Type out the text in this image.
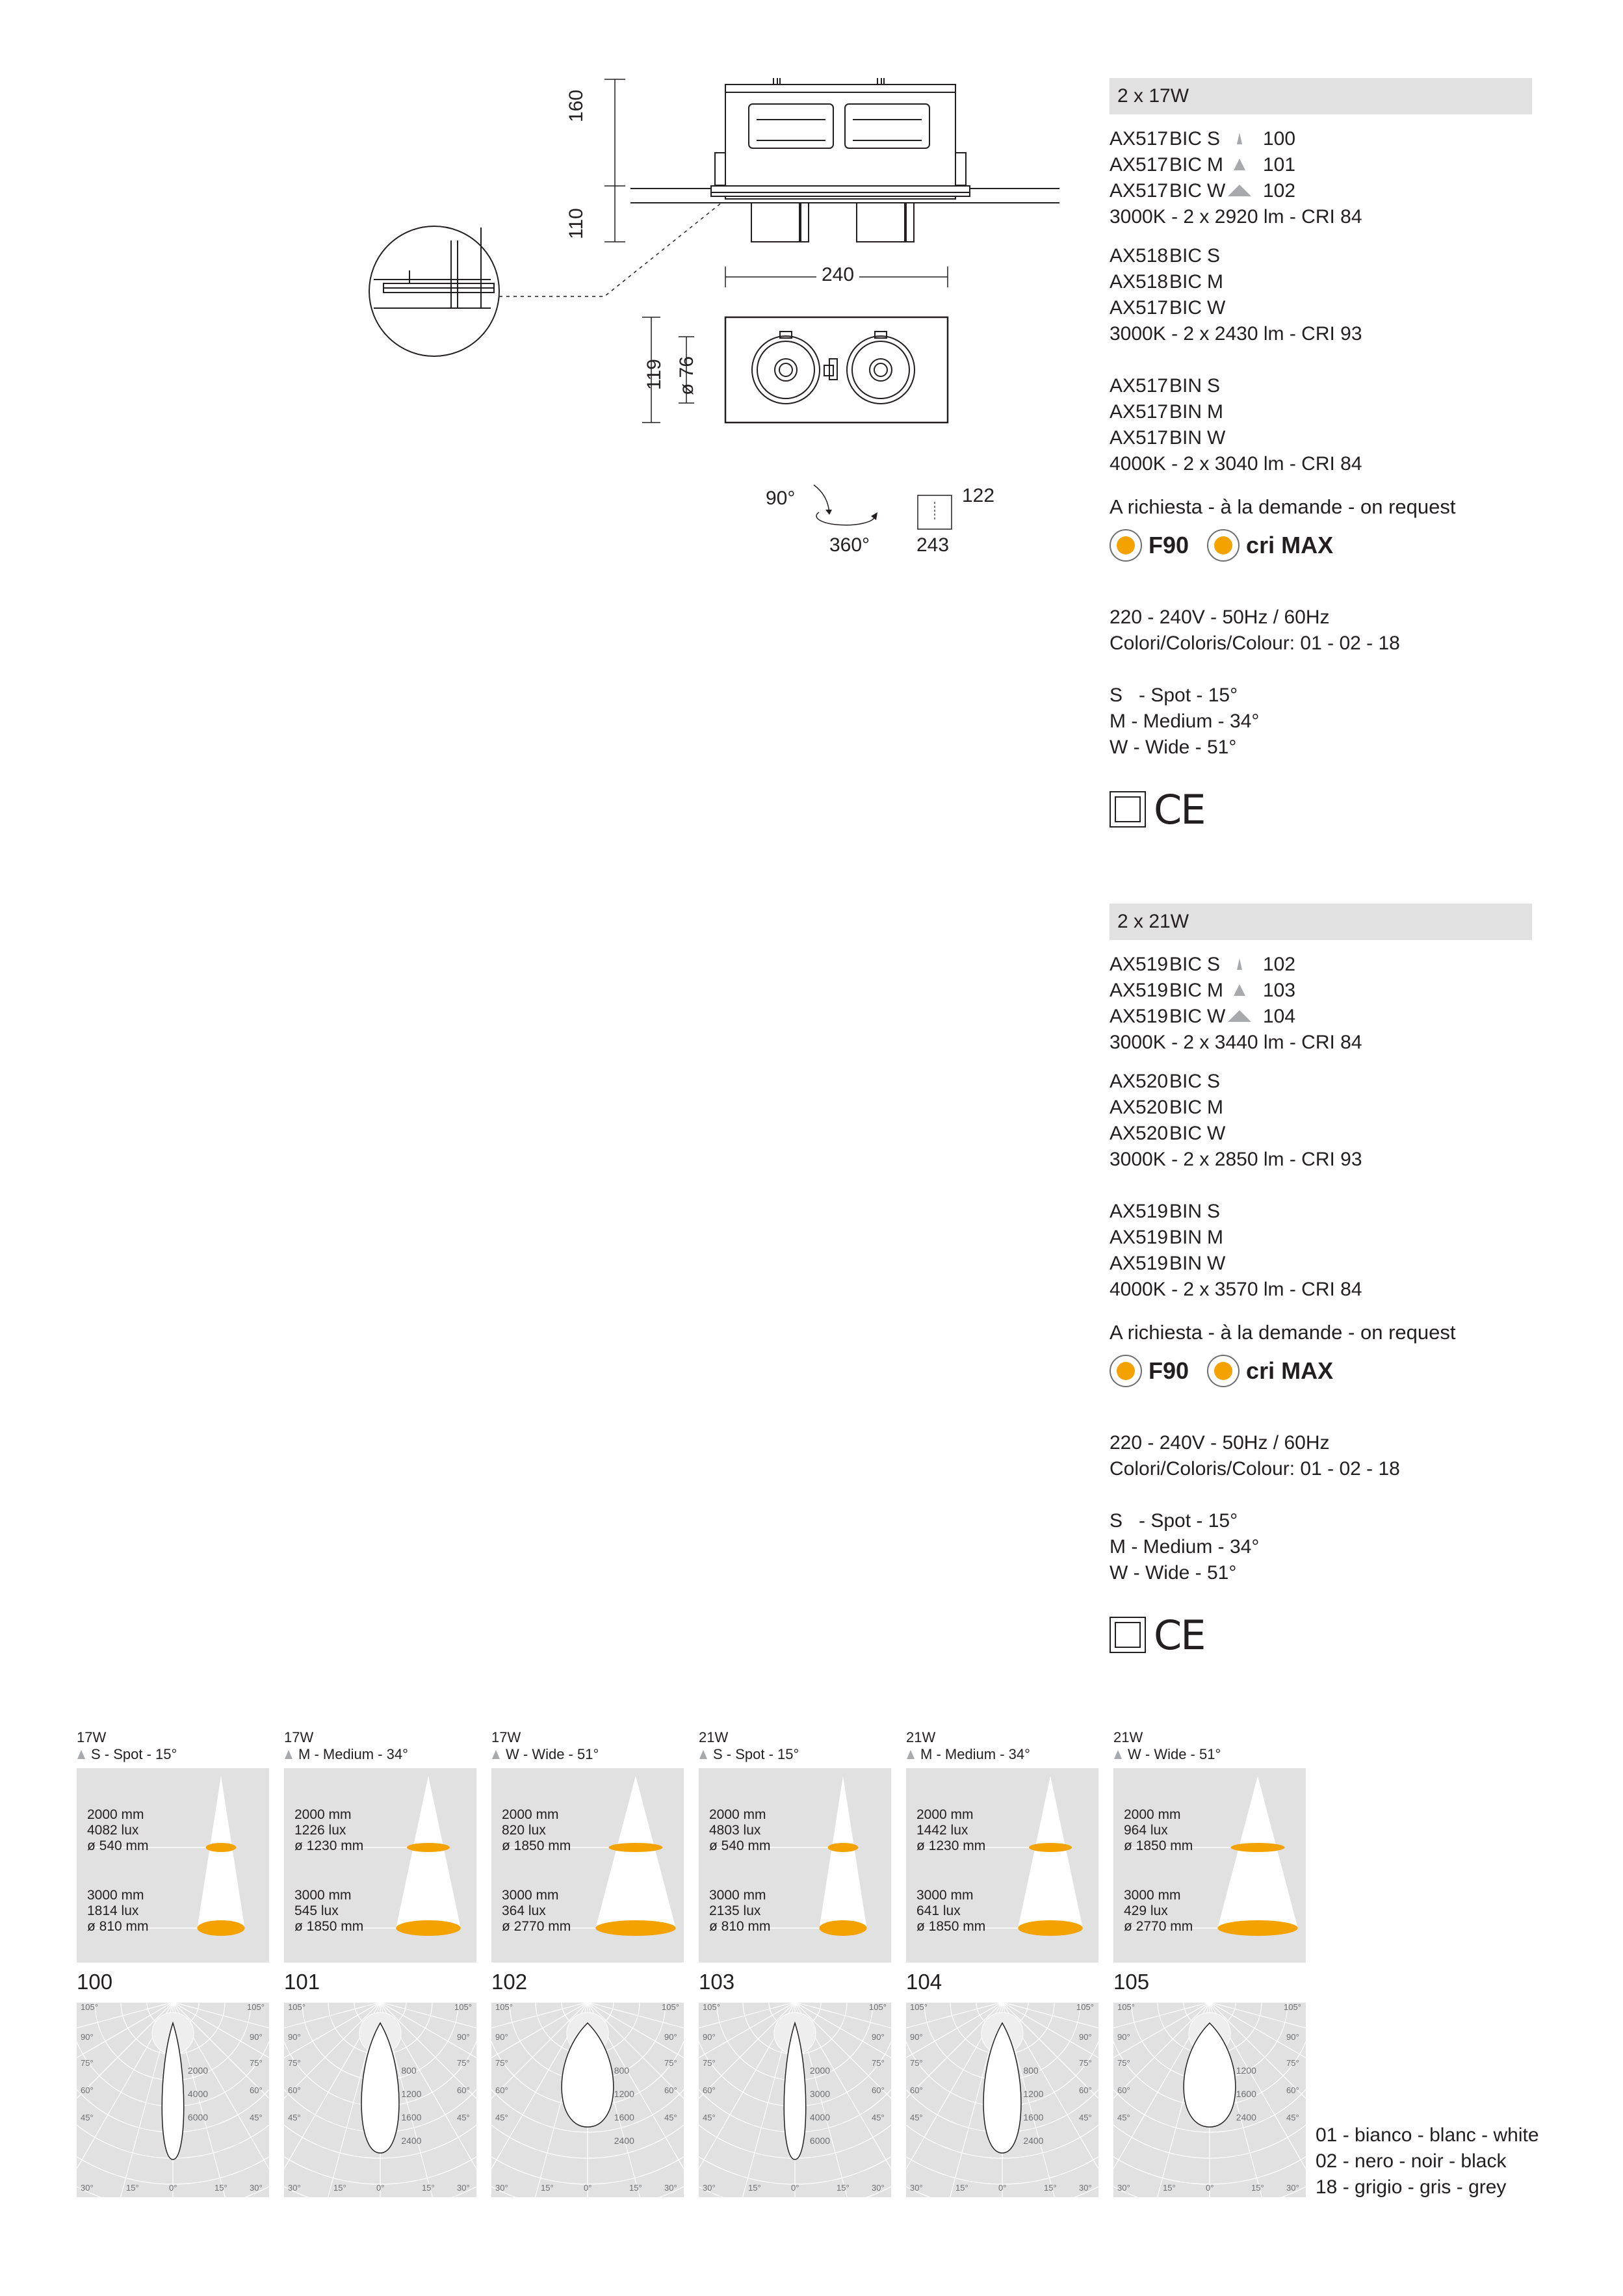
160
110
240
119 ø 76
90°
360°
122
243
2 x 17W
AX517BIC S 100
AX517BIC M 101
AX517BIC W 102
3000K - 2 x 2920 lm - CRI 84
AX518BIC S
AX518BIC M
AX517BIC W
3000K - 2 x 2430 lm - CRI 93
AX517BIN S
AX517BIN M
AX517BIN W
4000K - 2 x 3040 lm - CRI 84
A richiesta - à la demande - on request
F90 cri MAX
220 - 240V - 50Hz / 60Hz
Colori/Coloris/Colour: 01 - 02 - 18
S   - Spot - 15°
M - Medium - 34°
W - Wide - 51°
CE
2 x 21W
AX519BIC S 102
AX519BIC M 103
AX519BIC W 104
3000K - 2 x 3440 lm - CRI 84
AX520BIC S
AX520BIC M
AX520BIC W
3000K - 2 x 2850 lm - CRI 93
AX519BIN S
AX519BIN M
AX519BIN W
4000K - 2 x 3570 lm - CRI 84
A richiesta - à la demande - on request
F90 cri MAX
220 - 240V - 50Hz / 60Hz
Colori/Coloris/Colour: 01 - 02 - 18
S   - Spot - 15°
M - Medium - 34°
W - Wide - 51°
CE
17W
S - Spot - 15°
2000 mm
4082 lux
ø 540 mm
3000 mm
1814 lux
ø 810 mm
100
105°	105°
90°	90°
75°	75°
60°	60°
45°	45°
30°	30°
15°	15°
0°
2000
4000
6000
17W
M - Medium - 34°
2000 mm
1226 lux
ø 1230 mm
3000 mm
545 lux
ø 1850 mm
101
105°	105°
90°	90°
75°	75°
60°	60°
45°	45°
30°	30°
15°	15°
0°
800
1200
1600
2400
17W
W - Wide - 51°
2000 mm
820 lux
ø 1850 mm
3000 mm
364 lux
ø 2770 mm
102
105°	105°
90°	90°
75°	75°
60°	60°
45°	45°
30°	30°
15°	15°
0°
800
1200
1600
2400
21W
S - Spot - 15°
2000 mm
4803 lux
ø 540 mm
3000 mm
2135 lux
ø 810 mm
103
105°	105°
90°	90°
75°	75°
60°	60°
45°	45°
30°	30°
15°	15°
0°
2000
3000
4000
6000
21W
M - Medium - 34°
2000 mm
1442 lux
ø 1230 mm
3000 mm
641 lux
ø 1850 mm
104
105°	105°
90°	90°
75°	75°
60°	60°
45°	45°
30°	30°
15°	15°
0°
800
1200
1600
2400
21W
W - Wide - 51°
2000 mm
964 lux
ø 1850 mm
3000 mm
429 lux
ø 2770 mm
105
105°	105°
90°	90°
75°	75°
60°	60°
45°	45°
30°	30°
15°	15°
0°
1200
1600
2400
01 - bianco - blanc - white
02 - nero - noir - black
18 - grigio - gris - grey
